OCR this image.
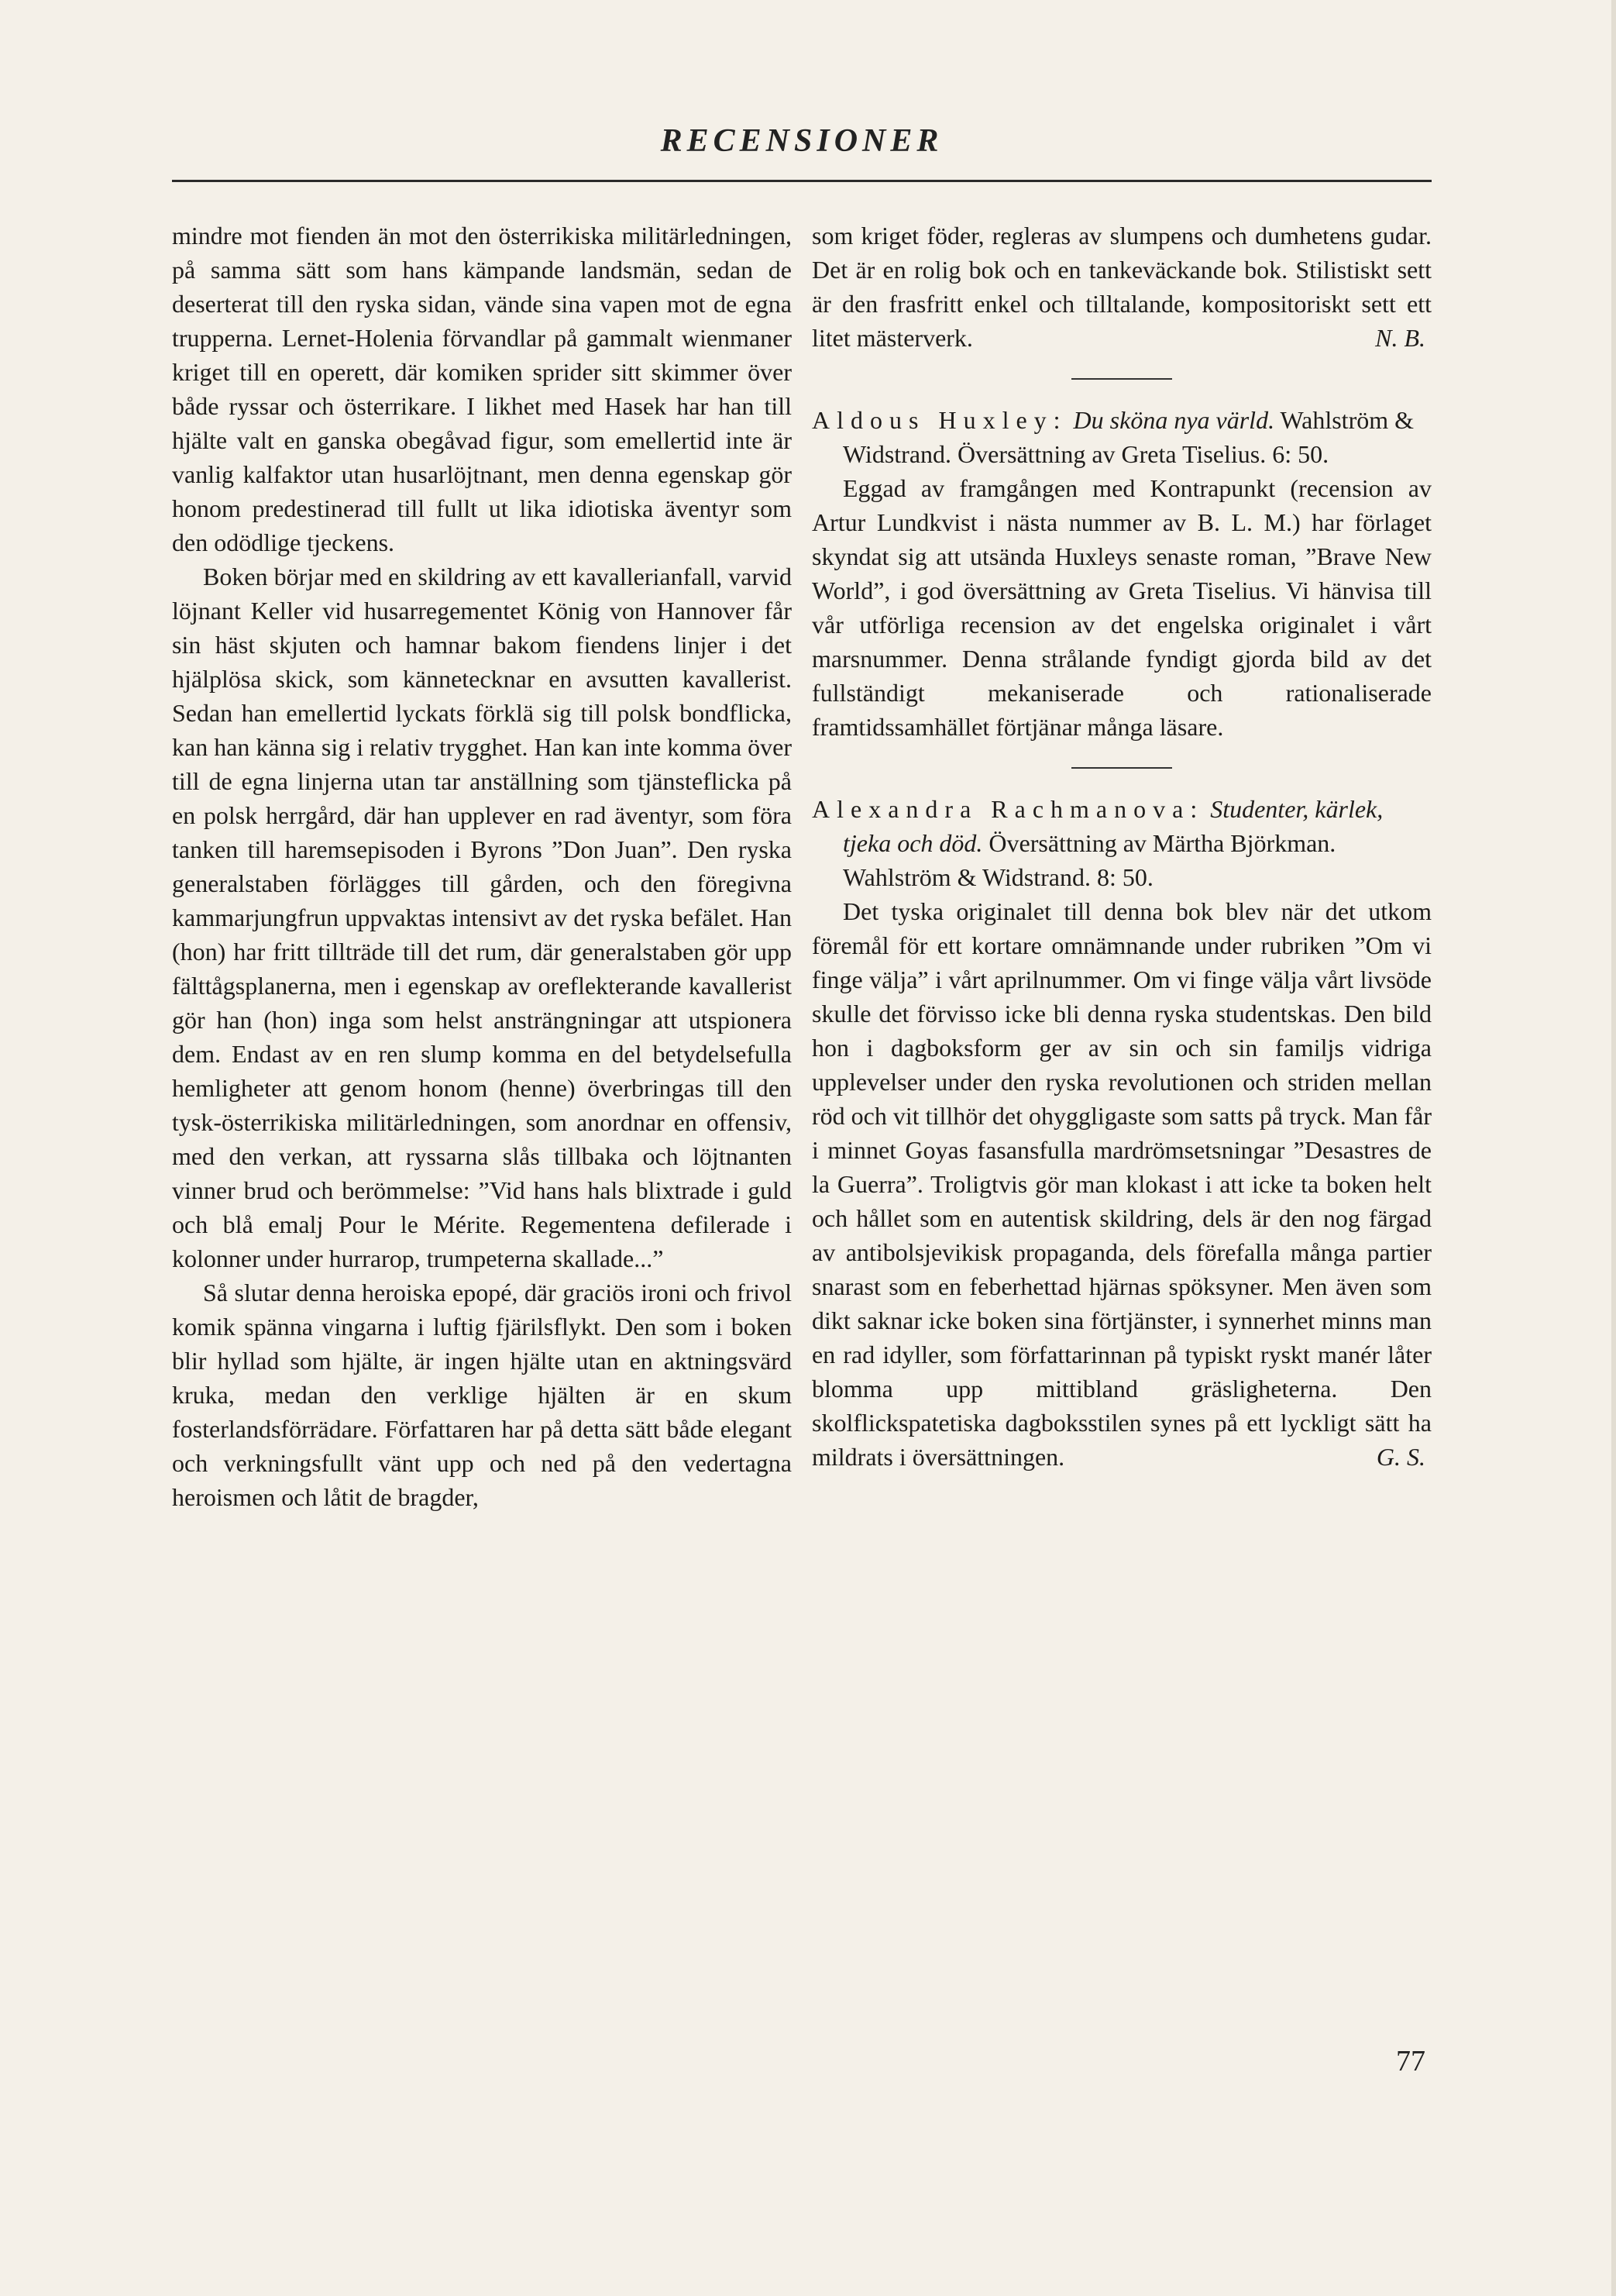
RECENSIONER

mindre mot fienden än mot den österrikiska militärledningen, på samma sätt som hans kämpande landsmän, sedan de deserterat till den ryska sidan, vände sina vapen mot de egna trupperna. Lernet-Holenia förvandlar på gammalt wienmaner kriget till en operett, där komiken sprider sitt skimmer över både ryssar och österrikare. I likhet med Hasek har han till hjälte valt en ganska obegåvad figur, som emellertid inte är vanlig kalfaktor utan husarlöjtnant, men denna egenskap gör honom predestinerad till fullt ut lika idiotiska äventyr som den odödlige tjeckens.

Boken börjar med en skildring av ett kavallerianfall, varvid löjnant Keller vid husarregementet König von Hannover får sin häst skjuten och hamnar bakom fiendens linjer i det hjälplösa skick, som kännetecknar en avsutten kavallerist. Sedan han emellertid lyckats förklä sig till polsk bondflicka, kan han känna sig i relativ trygghet. Han kan inte komma över till de egna linjerna utan tar anställning som tjänsteflicka på en polsk herrgård, där han upplever en rad äventyr, som föra tanken till haremsepisoden i Byrons ”Don Juan”. Den ryska generalstaben förlägges till gården, och den föregivna kammarjungfrun uppvaktas intensivt av det ryska befälet. Han (hon) har fritt tillträde till det rum, där generalstaben gör upp fälttågsplanerna, men i egenskap av oreflekterande kavallerist gör han (hon) inga som helst ansträngningar att utspionera dem. Endast av en ren slump komma en del betydelsefulla hemligheter att genom honom (henne) överbringas till den tysk-österrikiska militärledningen, som anordnar en offensiv, med den verkan, att ryssarna slås tillbaka och löjtnanten vinner brud och berömmelse: ”Vid hans hals blixtrade i guld och blå emalj Pour le Mérite. Regementena defilerade i kolonner under hurrarop, trumpeterna skallade...”

Så slutar denna heroiska epopé, där graciös ironi och frivol komik spänna vingarna i luftig fjärilsflykt. Den som i boken blir hyllad som hjälte, är ingen hjälte utan en aktningsvärd kruka, medan den verklige hjälten är en skum fosterlandsförrädare. Författaren har på detta sätt både elegant och verkningsfullt vänt upp och ned på den vedertagna heroismen och låtit de bragder,

som kriget föder, regleras av slumpens och dumhetens gudar. Det är en rolig bok och en tankeväckande bok. Stilistiskt sett är den frasfritt enkel och tilltalande, kompositoriskt sett ett litet mästerverk.	N. B.

Aldous Huxley: Du sköna nya värld. Wahlström & Widstrand. Översättning av Greta Tiselius. 6: 50.

Eggad av framgången med Kontrapunkt (recension av Artur Lundkvist i nästa nummer av B. L. M.) har förlaget skyndat sig att utsända Huxleys senaste roman, ”Brave New World”, i god översättning av Greta Tiselius. Vi hänvisa till vår utförliga recension av det engelska originalet i vårt marsnummer. Denna strålande fyndigt gjorda bild av det fullständigt mekaniserade och rationaliserade framtidssamhället förtjänar många läsare.

Alexandra Rachmanova: Studenter, kärlek, tjeka och död. Översättning av Märtha Björkman. Wahlström & Widstrand. 8: 50.

Det tyska originalet till denna bok blev när det utkom föremål för ett kortare omnämnande under rubriken ”Om vi finge välja” i vårt aprilnummer. Om vi finge välja vårt livsöde skulle det förvisso icke bli denna ryska studentskas. Den bild hon i dagboksform ger av sin och sin familjs vidriga upplevelser under den ryska revolutionen och striden mellan röd och vit tillhör det ohyggligaste som satts på tryck. Man får i minnet Goyas fasansfulla mardrömsetsningar ”Desastres de la Guerra”. Troligtvis gör man klokast i att icke ta boken helt och hållet som en autentisk skildring, dels är den nog färgad av antibolsjevikisk propaganda, dels förefalla många partier snarast som en feberhettad hjärnas spöksyner. Men även som dikt saknar icke boken sina förtjänster, i synnerhet minns man en rad idyller, som författarinnan på typiskt ryskt manér låter blomma upp mittibland gräsligheterna. Den skolflickspatetiska dagboksstilen synes på ett lyckligt sätt ha mildrats i översättningen.	G. S.

77
